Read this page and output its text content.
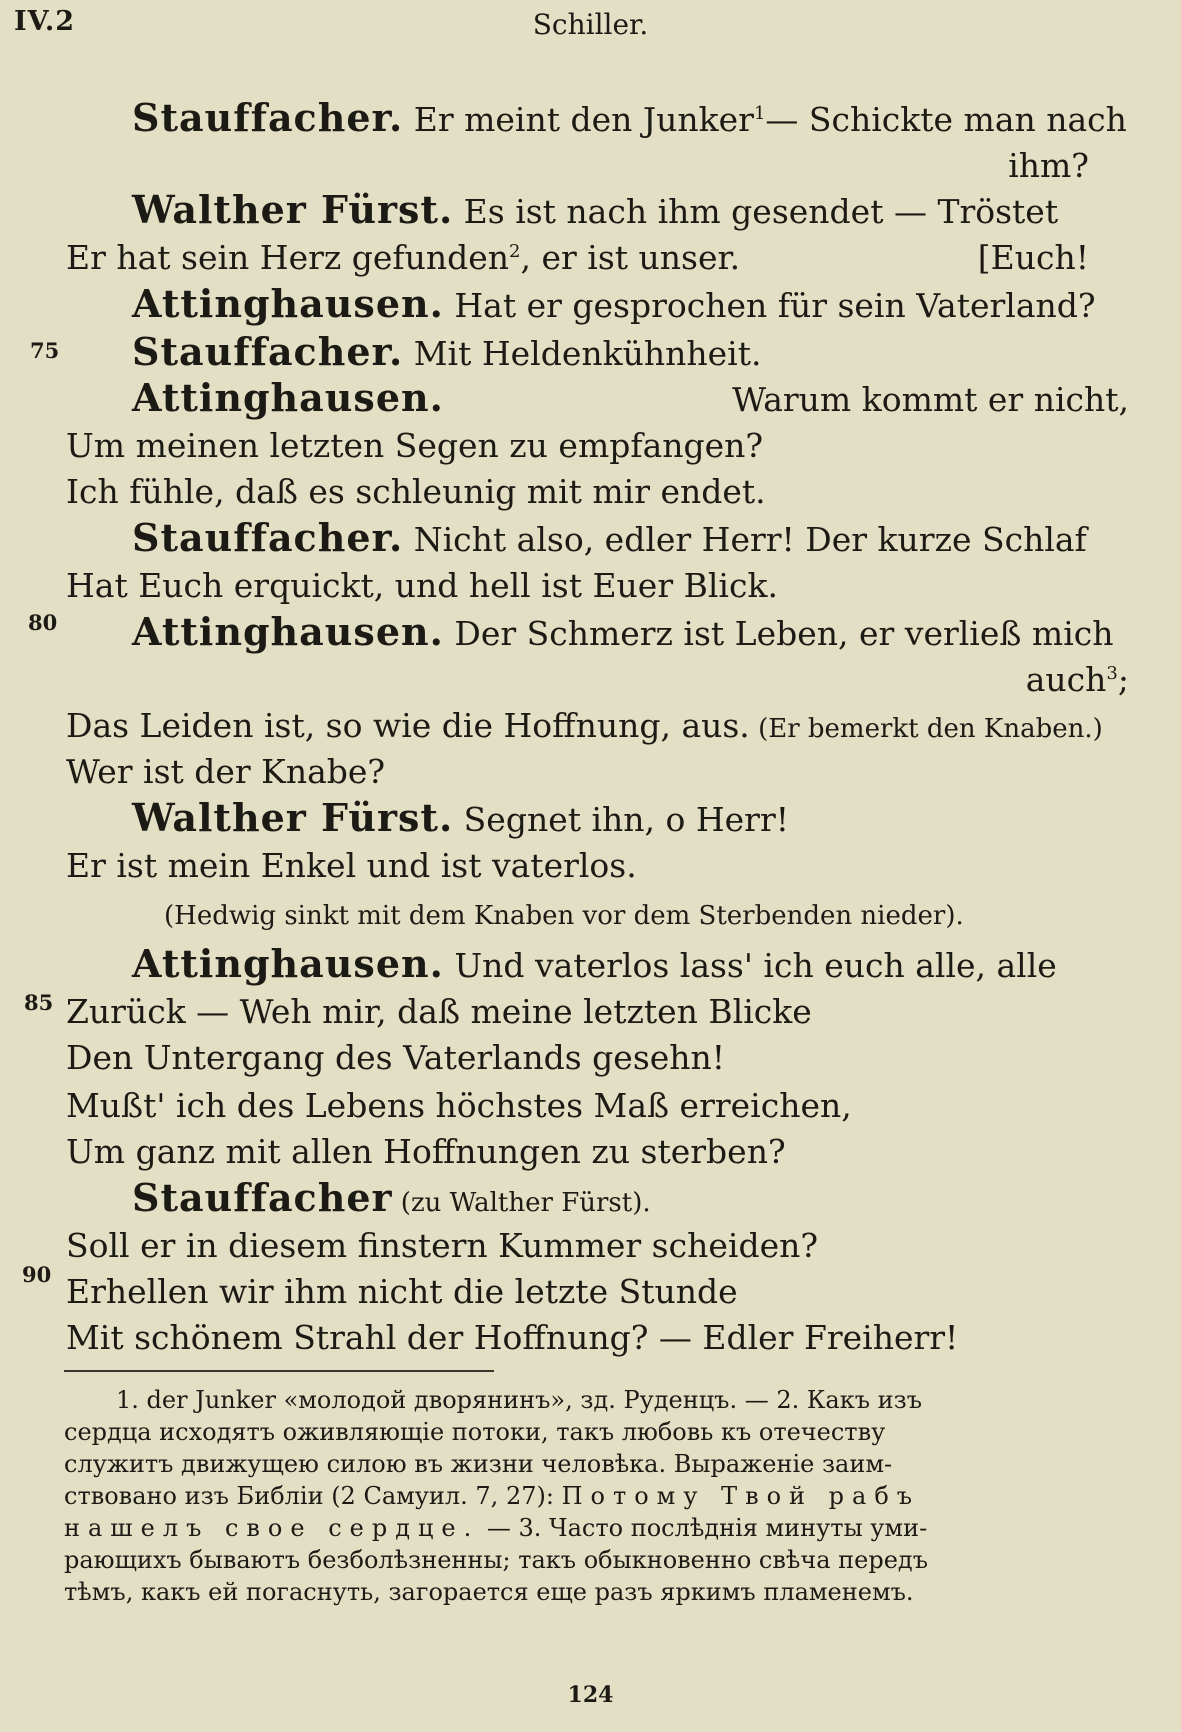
IV.2	Schiller.
75
80
85
90
Stauffacher. Er meint den Junker$^1$— Schickte man nach
ihm?
Walther Fürst. Es ist nach ihm gesendet — Tröstet
Er hat sein Herz gefunden$^2$, er ist unser.	[Euch!
Attinghausen. Hat er gesprochen für sein Vaterland?
Stauffacher. Mit Heldenkühnheit.
Attinghausen.	Warum kommt er nicht,
Um meinen letzten Segen zu empfangen?
Ich fühle, daß es schleunig mit mir endet.
Stauffacher. Nicht also, edler Herr! Der kurze Schlaf
Hat Euch erquickt, und hell ist Euer Blick.
Attinghausen. Der Schmerz ist Leben, er verließ mich
auch$^3$;
Das Leiden ist, so wie die Hoffnung, aus. (Er bemerkt den Knaben.)
Wer ist der Knabe?
Walther Fürst. Segnet ihn, o Herr!
Er ist mein Enkel und ist vaterlos.
(Hedwig sinkt mit dem Knaben vor dem Sterbenden nieder).
Attinghausen. Und vaterlos lass' ich euch alle, alle
Zurück — Weh mir, daß meine letzten Blicke
Den Untergang des Vaterlands gesehn!
Mußt' ich des Lebens höchstes Maß erreichen,
Um ganz mit allen Hoffnungen zu sterben?
Stauffacher (zu Walther Fürst).
Soll er in diesem finstern Kummer scheiden?
Erhellen wir ihm nicht die letzte Stunde
Mit schönem Strahl der Hoffnung? — Edler Freiherr!
1. der Junker «молодой дворянинъ», зд. Руденцъ. — 2. Какъ изъ
сердца исходятъ оживляющіе потоки, такъ любовь къ отечеству
служитъ движущею силою въ жизни человѣка. Выраженіе заим-
ствовано изъ Библіи (2 Самуил. 7, 27): Потому Твой рабъ
нашелъ свое сердце. — 3. Часто послѣднія минуты уми-
рающихъ бываютъ безболѣзненны; такъ обыкновенно свѣча передъ
тѣмъ, какъ ей погаснуть, загорается еще разъ яркимъ пламенемъ.
124
